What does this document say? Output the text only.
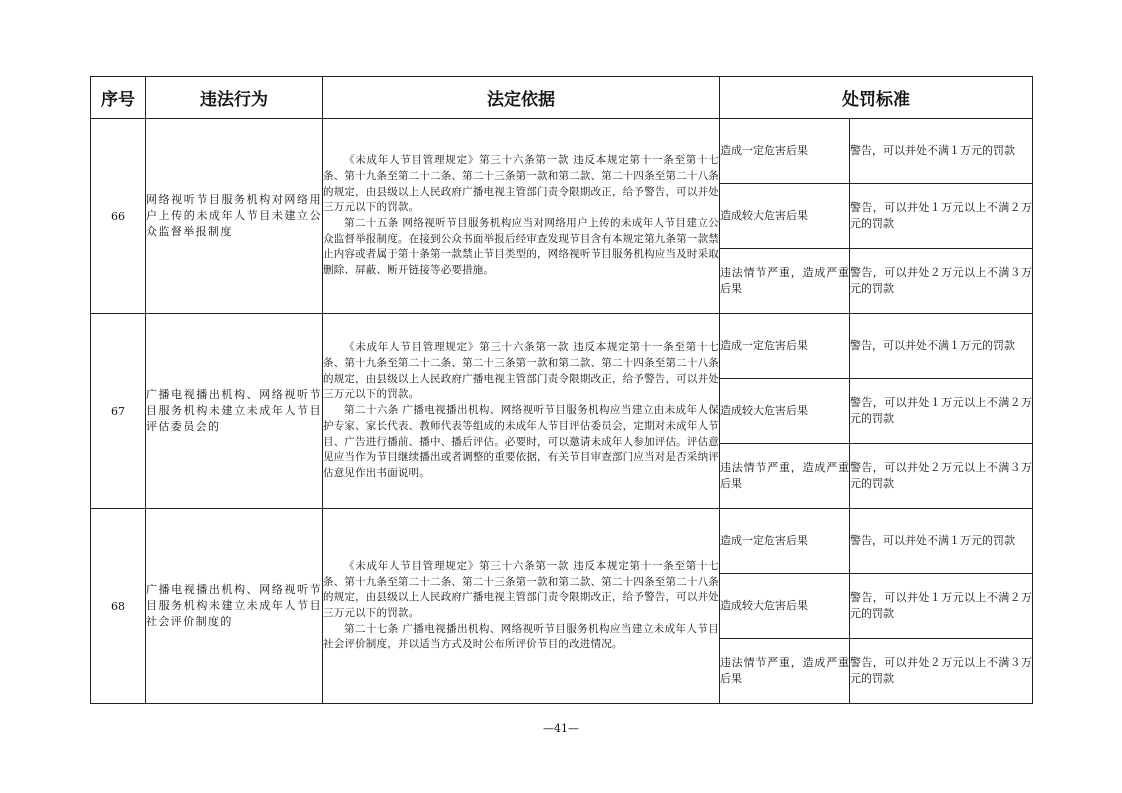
序号	违法行为	法定依据	处罚标准	
66	网络视听节目服务机构对网络用户上传的未成年人节目未建立公众监督举报制度	《未成年人节目管理规定》第三十六条第一款 违反本规定第十一条至第十七条、第十九条至第二十二条、第二十三条第一款和第二款、第二十四条至第二十八条的规定，由县级以上人民政府广播电视主管部门责令限期改正，给予警告，可以并处三万元以下的罚款。

第二十五条 网络视听节目服务机构应当对网络用户上传的未成年人节目建立公众监督举报制度。在接到公众书面举报后经审查发现节目含有本规定第九条第一款禁止内容或者属于第十条第一款禁止节目类型的，网络视听节目服务机构应当及时采取删除、屏蔽、断开链接等必要措施。	造成一定危害后果	警告，可以并处不满１万元的罚款
			造成较大危害后果	警告，可以并处１万元以上不满２万元的罚款
			违法情节严重，造成严重后果	警告，可以并处２万元以上不满３万元的罚款
67	广播电视播出机构、网络视听节目服务机构未建立未成年人节目评估委员会的	《未成年人节目管理规定》第三十六条第一款 违反本规定第十一条至第十七条、第十九条至第二十二条、第二十三条第一款和第二款、第二十四条至第二十八条的规定，由县级以上人民政府广播电视主管部门责令限期改正，给予警告，可以并处三万元以下的罚款。

第二十六条 广播电视播出机构、网络视听节目服务机构应当建立由未成年人保护专家、家长代表、教师代表等组成的未成年人节目评估委员会，定期对未成年人节目、广告进行播前、播中、播后评估。必要时，可以邀请未成年人参加评估。评估意见应当作为节目继续播出或者调整的重要依据，有关节目审查部门应当对是否采纳评估意见作出书面说明。	造成一定危害后果	警告，可以并处不满１万元的罚款
			造成较大危害后果	警告，可以并处１万元以上不满２万元的罚款
			违法情节严重，造成严重后果	警告，可以并处２万元以上不满３万元的罚款
68	广播电视播出机构、网络视听节目服务机构未建立未成年人节目社会评价制度的	《未成年人节目管理规定》第三十六条第一款 违反本规定第十一条至第十七条、第十九条至第二十二条、第二十三条第一款和第二款、第二十四条至第二十八条的规定，由县级以上人民政府广播电视主管部门责令限期改正，给予警告，可以并处三万元以下的罚款。

第二十七条 广播电视播出机构、网络视听节目服务机构应当建立未成年人节目社会评价制度，并以适当方式及时公布所评价节目的改进情况。	造成一定危害后果	警告，可以并处不满１万元的罚款
			造成较大危害后果	警告，可以并处１万元以上不满２万元的罚款
			违法情节严重，造成严重后果	警告，可以并处２万元以上不满３万元的罚款
—41—
